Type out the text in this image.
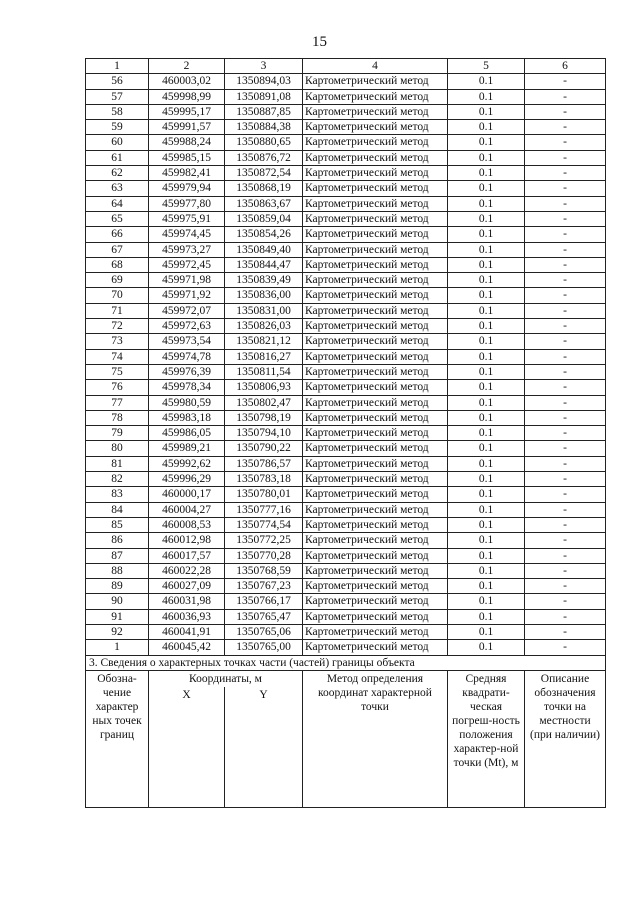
15
1	2	3	4	5	6
56	460003,02	1350894,03	Картометрический метод	0.1	-
57	459998,99	1350891,08	Картометрический метод	0.1	-
58	459995,17	1350887,85	Картометрический метод	0.1	-
59	459991,57	1350884,38	Картометрический метод	0.1	-
60	459988,24	1350880,65	Картометрический метод	0.1	-
61	459985,15	1350876,72	Картометрический метод	0.1	-
62	459982,41	1350872,54	Картометрический метод	0.1	-
63	459979,94	1350868,19	Картометрический метод	0.1	-
64	459977,80	1350863,67	Картометрический метод	0.1	-
65	459975,91	1350859,04	Картометрический метод	0.1	-
66	459974,45	1350854,26	Картометрический метод	0.1	-
67	459973,27	1350849,40	Картометрический метод	0.1	-
68	459972,45	1350844,47	Картометрический метод	0.1	-
69	459971,98	1350839,49	Картометрический метод	0.1	-
70	459971,92	1350836,00	Картометрический метод	0.1	-
71	459972,07	1350831,00	Картометрический метод	0.1	-
72	459972,63	1350826,03	Картометрический метод	0.1	-
73	459973,54	1350821,12	Картометрический метод	0.1	-
74	459974,78	1350816,27	Картометрический метод	0.1	-
75	459976,39	1350811,54	Картометрический метод	0.1	-
76	459978,34	1350806,93	Картометрический метод	0.1	-
77	459980,59	1350802,47	Картометрический метод	0.1	-
78	459983,18	1350798,19	Картометрический метод	0.1	-
79	459986,05	1350794,10	Картометрический метод	0.1	-
80	459989,21	1350790,22	Картометрический метод	0.1	-
81	459992,62	1350786,57	Картометрический метод	0.1	-
82	459996,29	1350783,18	Картометрический метод	0.1	-
83	460000,17	1350780,01	Картометрический метод	0.1	-
84	460004,27	1350777,16	Картометрический метод	0.1	-
85	460008,53	1350774,54	Картометрический метод	0.1	-
86	460012,98	1350772,25	Картометрический метод	0.1	-
87	460017,57	1350770,28	Картометрический метод	0.1	-
88	460022,28	1350768,59	Картометрический метод	0.1	-
89	460027,09	1350767,23	Картометрический метод	0.1	-
90	460031,98	1350766,17	Картометрический метод	0.1	-
91	460036,93	1350765,47	Картометрический метод	0.1	-
92	460041,91	1350765,06	Картометрический метод	0.1	-
1	460045,42	1350765,00	Картометрический метод	0.1	-
3. Сведения о характерных точках части (частей) границы объекта					
Обозна-чение характер ных точек границ	Координаты, м		Метод определения координат характерной точки	Средняя квадрати-ческая погреш-ность положения характер-ной точки (Mt), м	Описание обозначения точки на местности (при наличии)
	X	Y			
